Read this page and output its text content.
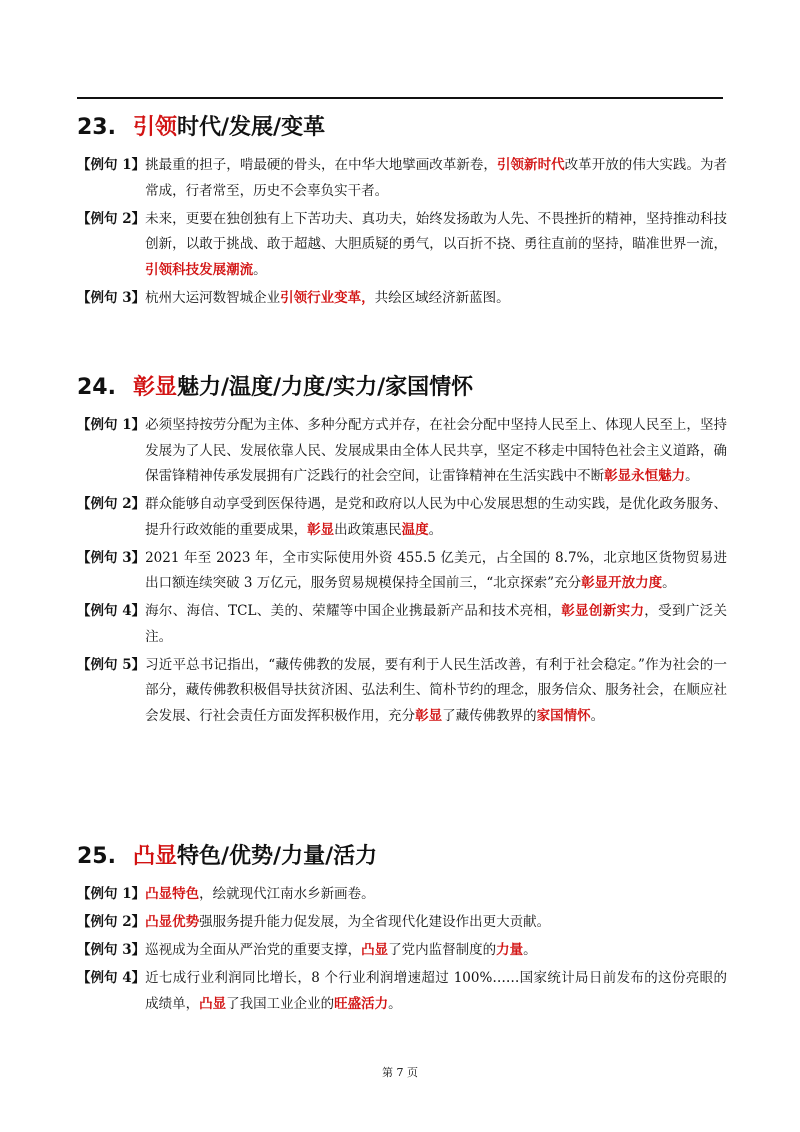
23. 引领时代/发展/变革
【例句 1】 挑最重的担子，啃最硬的骨头，在中华大地擘画改革新卷，引领新时代改革开放的伟大实践。为者常成，行者常至，历史不会辜负实干者。
【例句 2】 未来，更要在独创独有上下苦功夫、真功夫，始终发扬敢为人先、不畏挫折的精神，坚持推动科技创新，以敢于挑战、敢于超越、大胆质疑的勇气，以百折不挠、勇往直前的坚持，瞄准世界一流，引领科技发展潮流。
【例句 3】 杭州大运河数智城企业引领行业变革，共绘区域经济新蓝图。
24. 彰显魅力/温度/力度/实力/家国情怀
【例句 1】 必须坚持按劳分配为主体、多种分配方式并存，在社会分配中坚持人民至上、体现人民至上，坚持发展为了人民、发展依靠人民、发展成果由全体人民共享，坚定不移走中国特色社会主义道路，确保雷锋精神传承发展拥有广泛践行的社会空间，让雷锋精神在生活实践中不断彰显永恒魅力。
【例句 2】 群众能够自动享受到医保待遇，是党和政府以人民为中心发展思想的生动实践，是优化政务服务、提升行政效能的重要成果，彰显出政策惠民温度。
【例句 3】 2021 年至 2023 年，全市实际使用外资 455.5 亿美元，占全国的 8.7%，北京地区货物贸易进出口额连续突破 3 万亿元，服务贸易规模保持全国前三，“北京探索”充分彰显开放力度。
【例句 4】 海尔、海信、TCL、美的、荣耀等中国企业携最新产品和技术亮相，彰显创新实力，受到广泛关注。
【例句 5】 习近平总书记指出，“藏传佛教的发展，要有利于人民生活改善，有利于社会稳定。”作为社会的一部分，藏传佛教积极倡导扶贫济困、弘法利生、简朴节约的理念，服务信众、服务社会，在顺应社会发展、行社会责任方面发挥积极作用，充分彰显了藏传佛教界的家国情怀。
25. 凸显特色/优势/力量/活力
【例句 1】 凸显特色，绘就现代江南水乡新画卷。
【例句 2】 凸显优势强服务提升能力促发展，为全省现代化建设作出更大贡献。
【例句 3】 巡视成为全面从严治党的重要支撑，凸显了党内监督制度的力量。
【例句 4】 近七成行业利润同比增长，8 个行业利润增速超过 100%……国家统计局日前发布的这份亮眼的成绩单，凸显了我国工业企业的旺盛活力。
第 7 页
